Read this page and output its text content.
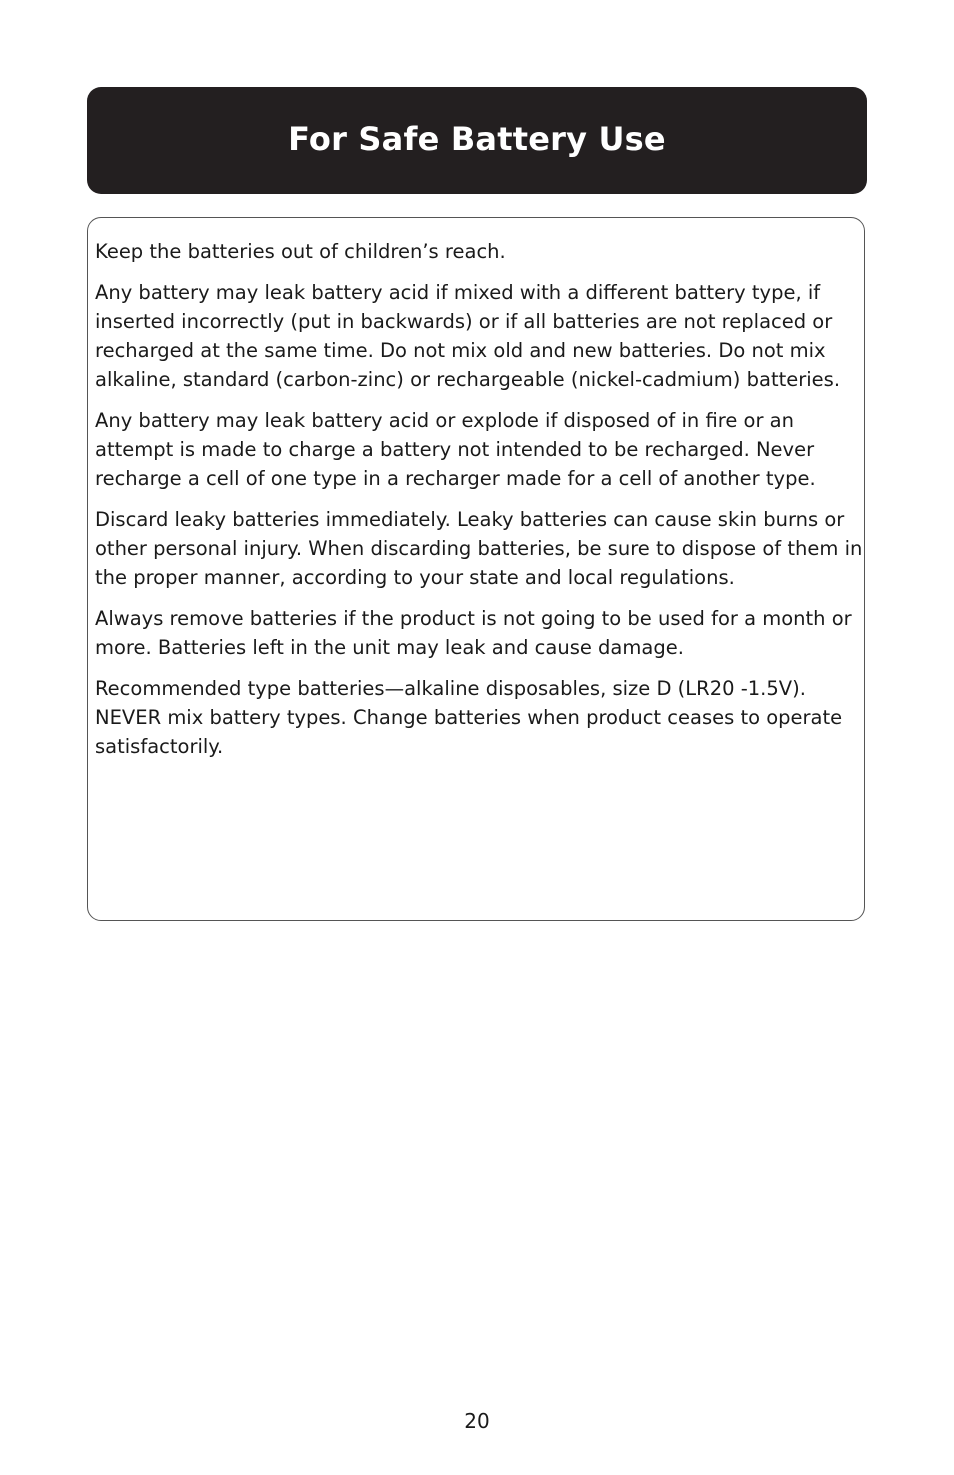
For Safe Battery Use

Keep the batteries out of children’s reach.

Any battery may leak battery acid if mixed with a different battery type, if inserted incorrectly (put in backwards) or if all batteries are not replaced or recharged at the same time. Do not mix old and new batteries. Do not mix alkaline, standard (carbon-zinc) or rechargeable (nickel-cadmium) batteries.

Any battery may leak battery acid or explode if disposed of in fire or an attempt is made to charge a battery not intended to be recharged. Never recharge a cell of one type in a recharger made for a cell of another type.

Discard leaky batteries immediately. Leaky batteries can cause skin burns or other personal injury. When discarding batteries, be sure to dispose of them in the proper manner, according to your state and local regulations.

Always remove batteries if the product is not going to be used for a month or more. Batteries left in the unit may leak and cause damage.

Recommended type batteries—alkaline disposables, size D (LR20 -1.5V). NEVER mix battery types. Change batteries when product ceases to operate satisfactorily.

20
